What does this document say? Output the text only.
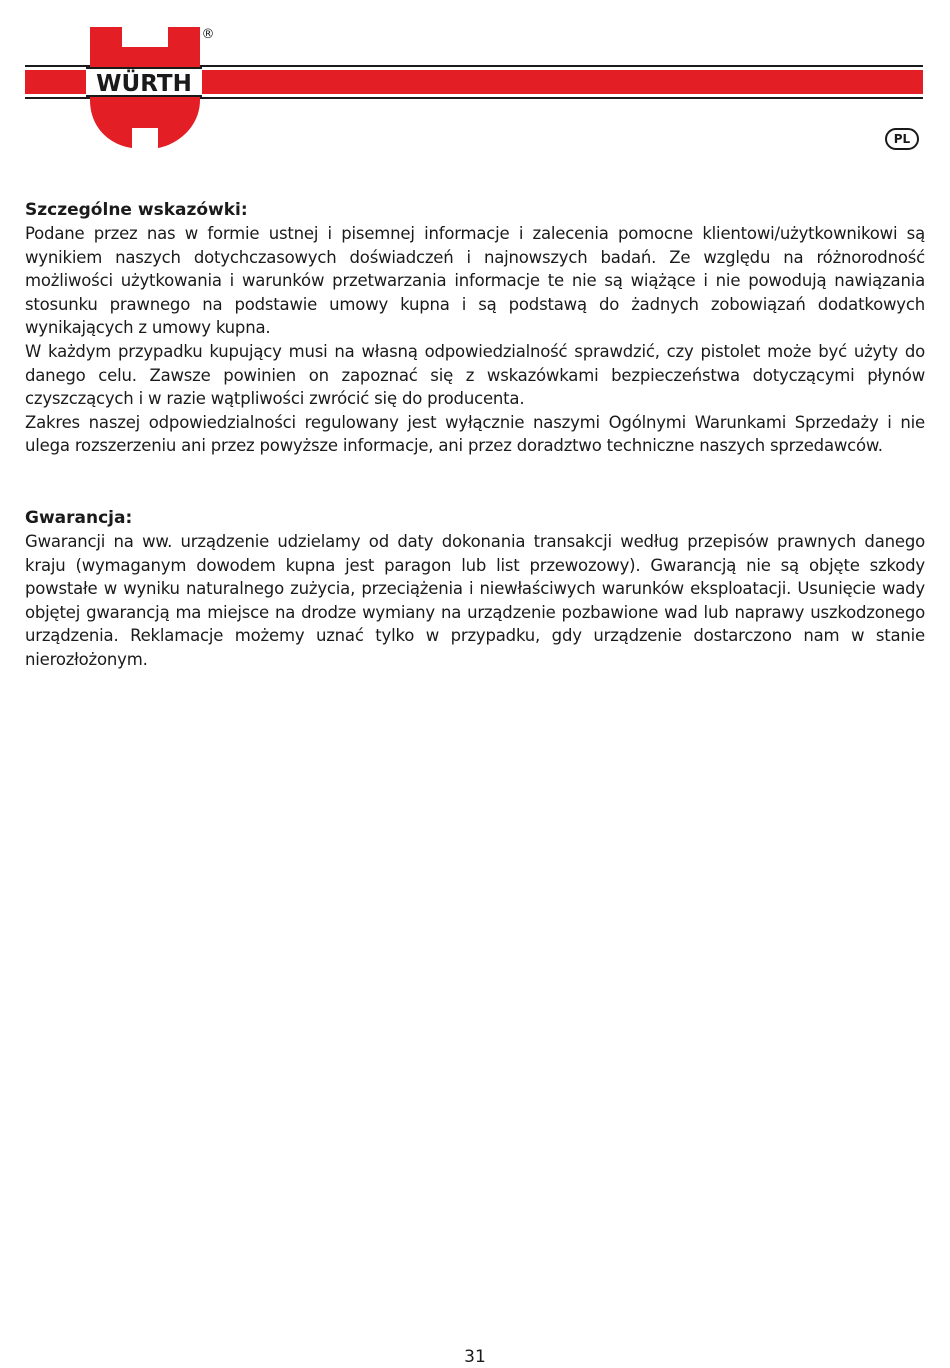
WÜRTH
®
PL
Szczególne wskazówki:

Podane przez nas w formie ustnej i pisemnej informacje i zalecenia pomocne klientowi/użytkownikowi są wynikiem naszych dotychczasowych doświadczeń i najnowszych badań. Ze względu na różnorodność możliwości użytkowania i warunków przetwarzania informacje te nie są wiążące i nie powodują nawiązania stosunku prawnego na podstawie umowy kupna i są podstawą do żadnych zobowiązań dodatkowych wynikających z umowy kupna.

W każdym przypadku kupujący musi na własną odpowiedzialność sprawdzić, czy pistolet może być użyty do danego celu. Zawsze powinien on zapoznać się z wskazówkami bezpieczeństwa dotyczącymi płynów czyszczących i w razie wątpliwości zwrócić się do producenta.

Zakres naszej odpowiedzialności regulowany jest wyłącznie naszymi Ogólnymi Warunkami Sprzedaży i nie ulega rozszerzeniu ani przez powyższe informacje, ani przez doradztwo techniczne naszych sprzedawców.

Gwarancja:

Gwarancji na ww. urządzenie udzielamy od daty dokonania transakcji według przepisów prawnych danego kraju (wymaganym dowodem kupna jest paragon lub list przewozowy). Gwarancją nie są objęte szkody powstałe w wyniku naturalnego zużycia, przeciążenia i niewłaściwych warunków eksploatacji. Usunięcie wady objętej gwarancją ma miejsce na drodze wymiany na urządzenie pozbawione wad lub naprawy uszkodzonego urządzenia. Reklamacje możemy uznać tylko w przypadku, gdy urządzenie dostarczono nam w stanie nierozłożonym.

31
